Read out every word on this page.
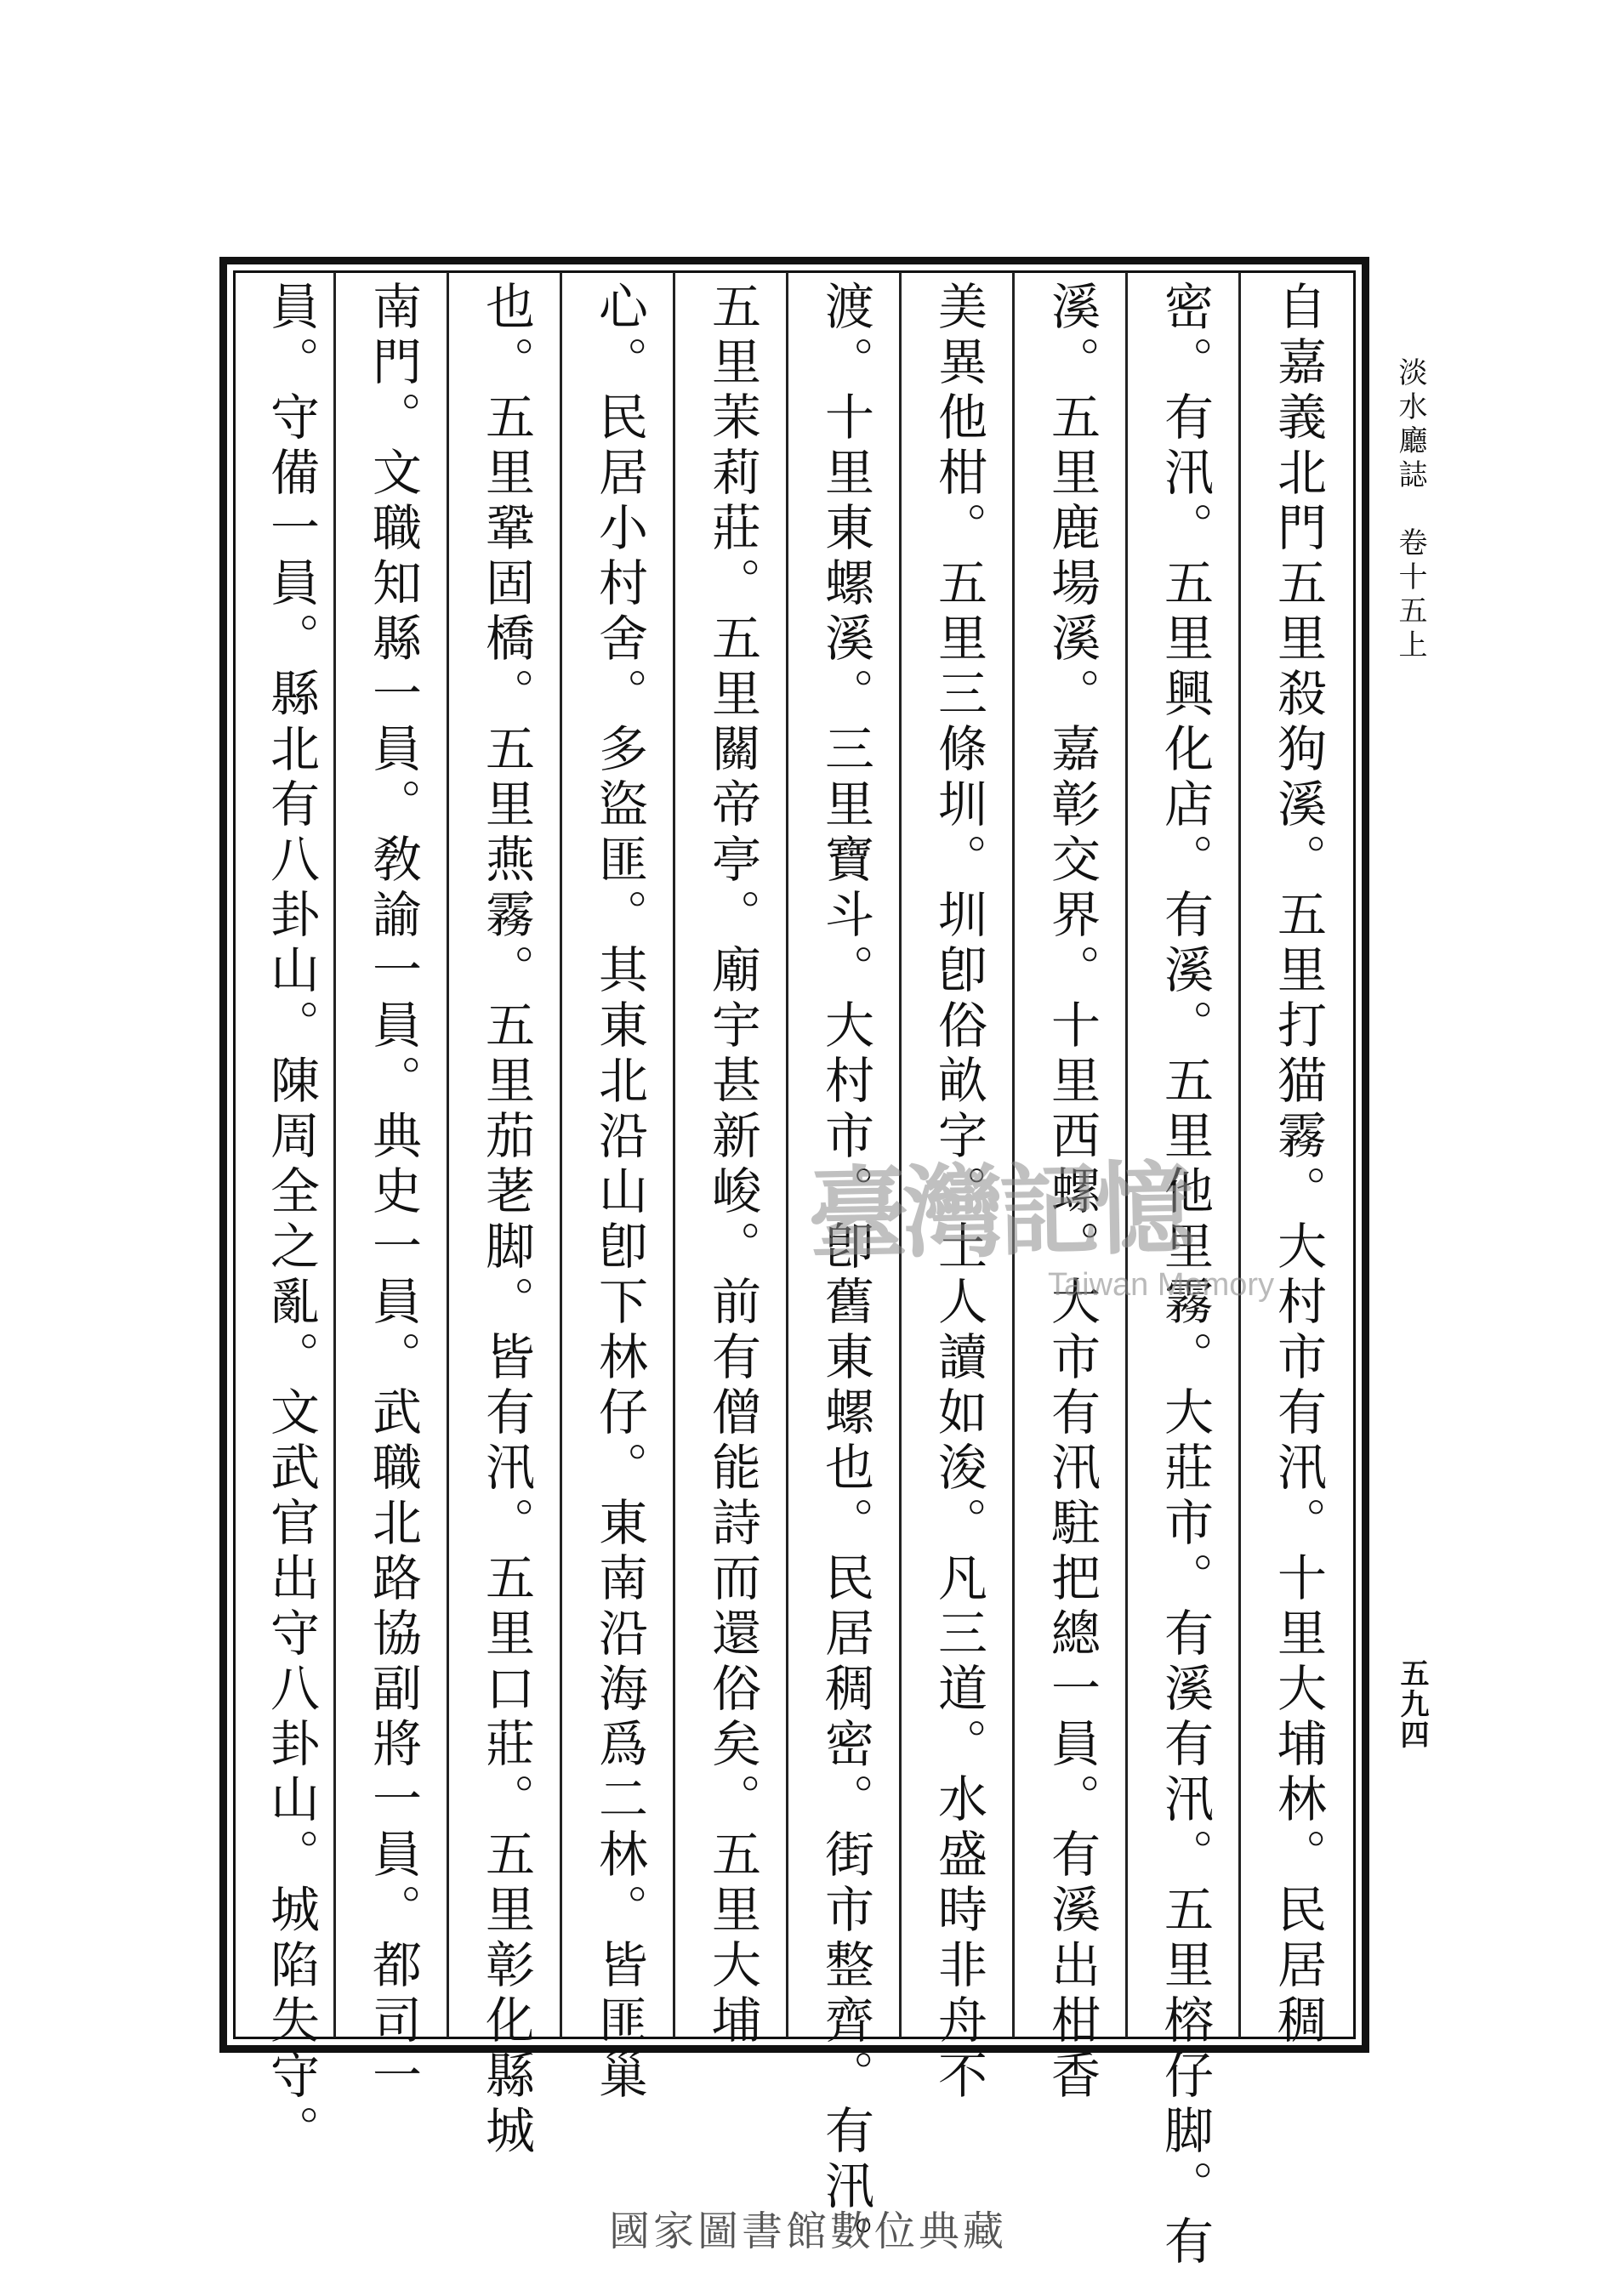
自嘉義北門五里殺狗溪。五里打猫霧。大村市有汛。十里大埔林。民居稠
密。有汛。五里興化店。有溪。五里他里霧。大莊市。有溪有汛。五里榕仔脚。有
溪。五里鹿場溪。嘉彰交界。十里西螺。大市有汛駐把總一員。有溪出柑香
美異他柑。五里三條圳。圳卽俗畝字。土人讀如浚。凡三道。水盛時非舟不
渡。十里東螺溪。三里寶斗。大村市。卽舊東螺也。民居稠密。街市整齊。有汛。
五里茉莉莊。五里關帝亭。廟宇甚新峻。前有僧能詩而還俗矣。五里大埔
心。民居小村舍。多盜匪。其東北沿山卽下林仔。東南沿海爲二林。皆匪巢
也。五里鞏固橋。五里燕霧。五里茄荖脚。皆有汛。五里口莊。五里彰化縣城
南門。文職知縣一員。敎諭一員。典史一員。武職北路協副將一員。都司一
員。守備一員。縣北有八卦山。陳周全之亂。文武官出守八卦山。城陷失守。	淡水廳誌　卷十五上
五九四
臺灣記憶
Taiwan Memory
國家圖書館數位典藏
